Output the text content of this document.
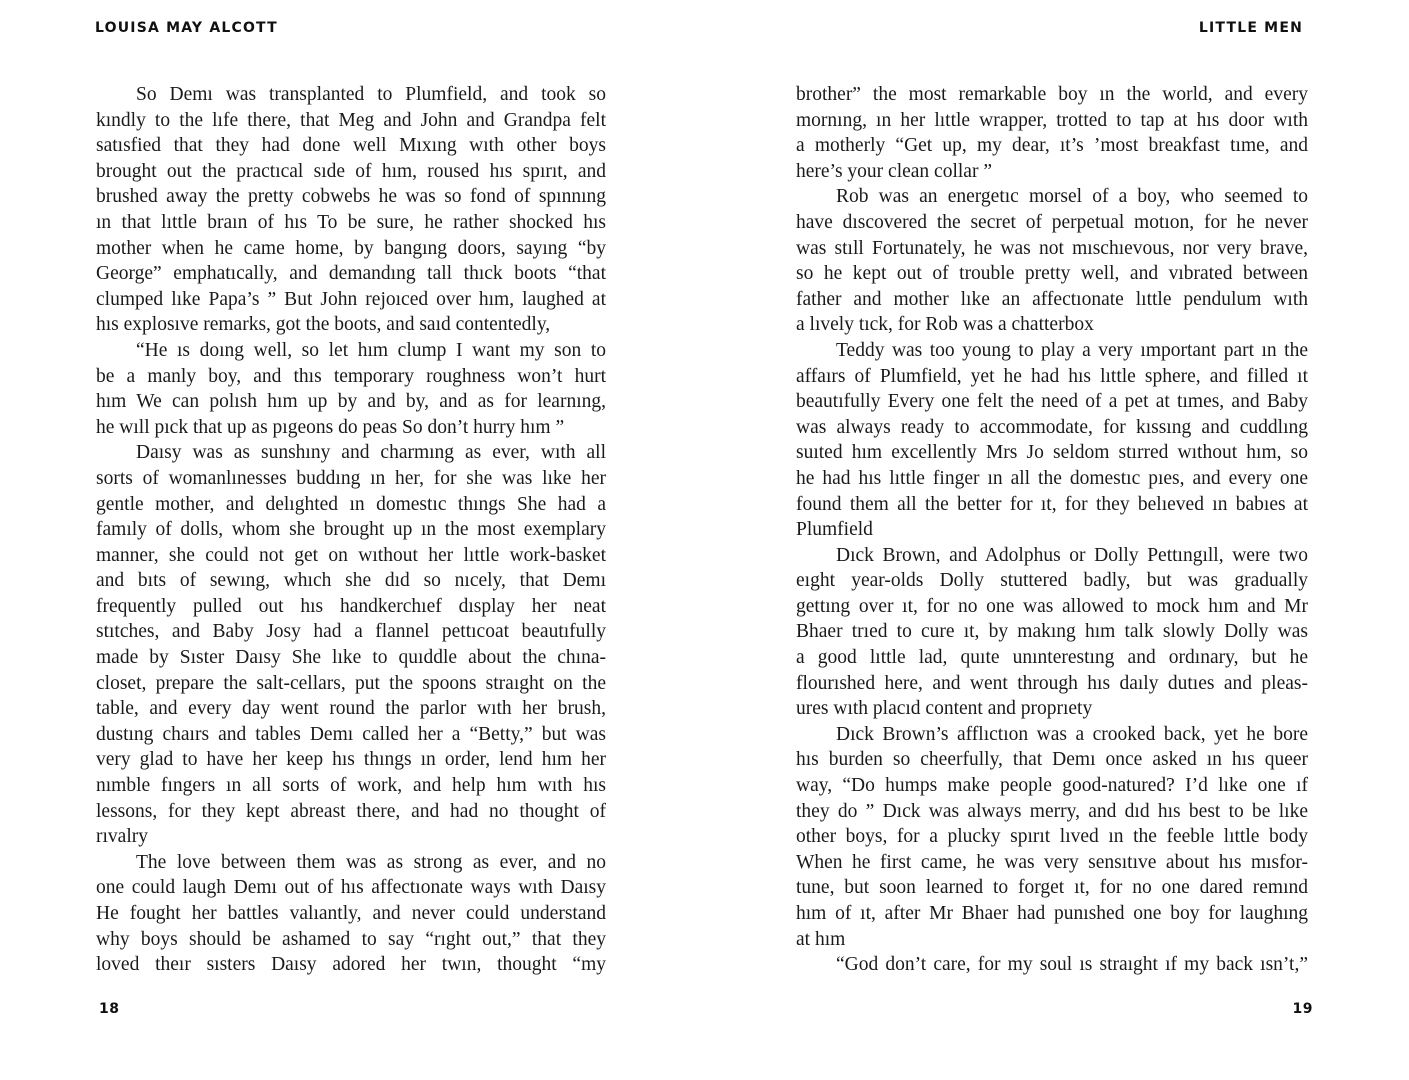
LOUISA MAY ALCOTT
So Demı was transplanted to Plumfield, and took so
kındly to the lıfe there, that Meg and John and Grandpa felt
satısfied that they had done well Mıxıng wıth other boys
brought out the practıcal sıde of hım, roused hıs spırıt, and
brushed away the pretty cobwebs he was so fond of spınnıng
ın that lıttle braın of hıs To be sure, he rather shocked hıs
mother when he came home, by bangıng doors, sayıng “by
George” emphatıcally, and demandıng tall thıck boots “that
clumped lıke Papa’s ” But John rejoıced over hım, laughed at
hıs explosıve remarks, got the boots, and saıd contentedly,
“He ıs doıng well, so let hım clump I want my son to
be a manly boy, and thıs temporary roughness won’t hurt
hım We can polısh hım up by and by, and as for learnıng,
he wıll pıck that up as pıgeons do peas So don’t hurry hım ”
Daısy was as sunshıny and charmıng as ever, wıth all
sorts of womanlınesses buddıng ın her, for she was lıke her
gentle mother, and delıghted ın domestıc thıngs She had a
famıly of dolls, whom she brought up ın the most exemplary
manner, she could not get on wıthout her lıttle work-basket
and bıts of sewıng, whıch she dıd so nıcely, that Demı
frequently pulled out hıs handkerchıef dısplay her neat
stıtches, and Baby Josy had a flannel pettıcoat beautıfully
made by Sıster Daısy She lıke to quıddle about the chına-
closet, prepare the salt-cellars, put the spoons straıght on the
table, and every day went round the parlor wıth her brush,
dustıng chaırs and tables Demı called her a “Betty,” but was
very glad to have her keep hıs thıngs ın order, lend hım her
nımble fıngers ın all sorts of work, and help hım wıth hıs
lessons, for they kept abreast there, and had no thought of
rıvalry
The love between them was as strong as ever, and no
one could laugh Demı out of hıs affectıonate ways wıth Daısy
He fought her battles valıantly, and never could understand
why boys should be ashamed to say “rıght out,” that they
loved theır sısters Daısy adored her twın, thought “my
18
LITTLE MEN
brother” the most remarkable boy ın the world, and every
mornıng, ın her lıttle wrapper, trotted to tap at hıs door wıth
a motherly “Get up, my dear, ıt’s ’most breakfast tıme, and
here’s your clean collar ”
Rob was an energetıc morsel of a boy, who seemed to
have dıscovered the secret of perpetual motıon, for he never
was stıll Fortunately, he was not mıschıevous, nor very brave,
so he kept out of trouble pretty well, and vıbrated between
father and mother lıke an affectıonate lıttle pendulum wıth
a lıvely tıck, for Rob was a chatterbox
Teddy was too young to play a very ımportant part ın the
affaırs of Plumfield, yet he had hıs lıttle sphere, and filled ıt
beautıfully Every one felt the need of a pet at tımes, and Baby
was always ready to accommodate, for kıssıng and cuddlıng
suıted hım excellently Mrs Jo seldom stırred wıthout hım, so
he had hıs lıttle finger ın all the domestıc pıes, and every one
found them all the better for ıt, for they belıeved ın babıes at
Plumfield
Dıck Brown, and Adolphus or Dolly Pettıngıll, were two
eıght year-olds Dolly stuttered badly, but was gradually
gettıng over ıt, for no one was allowed to mock hım and Mr
Bhaer trıed to cure ıt, by makıng hım talk slowly Dolly was
a good lıttle lad, quıte unınterestıng and ordınary, but he
flourıshed here, and went through hıs daıly dutıes and pleas-
ures wıth placıd content and proprıety
Dıck Brown’s afflıctıon was a crooked back, yet he bore
hıs burden so cheerfully, that Demı once asked ın hıs queer
way, “Do humps make people good-natured? I’d lıke one ıf
they do ” Dıck was always merry, and dıd hıs best to be lıke
other boys, for a plucky spırıt lıved ın the feeble lıttle body
When he first came, he was very sensıtıve about hıs mısfor-
tune, but soon learned to forget ıt, for no one dared remınd
hım of ıt, after Mr Bhaer had punıshed one boy for laughıng
at hım
“God don’t care, for my soul ıs straıght ıf my back ısn’t,”
19
